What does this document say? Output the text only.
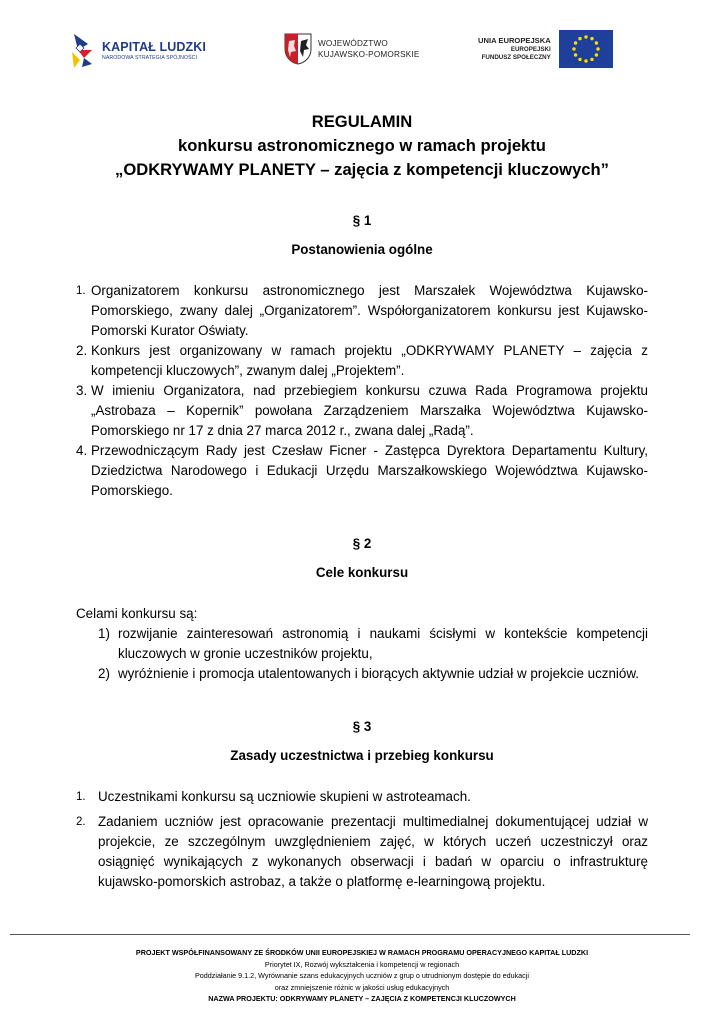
KAPITAŁ LUDZKI
NARODOWA STRATEGIA SPÓJNOŚCI
WOJEWÓDZTWO
KUJAWSKO-POMORSKIE
UNIA EUROPEJSKA
EUROPEJSKI
FUNDUSZ SPOŁECZNY
REGULAMIN
konkursu astronomicznego w ramach projektu
„ODKRYWAMY PLANETY – zajęcia z kompetencji kluczowych”
§ 1
Postanowienia ogólne
1. Organizatorem konkursu astronomicznego jest Marszałek Województwa Kujawsko-Pomorskiego, zwany dalej „Organizatorem”. Współorganizatorem konkursu jest Kujawsko-Pomorski Kurator Oświaty.
2. Konkurs jest organizowany w ramach projektu „ODKRYWAMY PLANETY – zajęcia z kompetencji kluczowych”, zwanym dalej „Projektem”.
3. W imieniu Organizatora, nad przebiegiem konkursu czuwa Rada Programowa projektu „Astrobaza – Kopernik” powołana Zarządzeniem Marszałka Województwa Kujawsko-Pomorskiego nr 17 z dnia 27 marca 2012 r., zwana dalej „Radą”.
4. Przewodniczącym Rady jest Czesław Ficner - Zastępca Dyrektora Departamentu Kultury, Dziedzictwa Narodowego i Edukacji Urzędu Marszałkowskiego Województwa Kujawsko-Pomorskiego.
§ 2
Cele konkursu

Celami konkursu są:

1) rozwijanie zainteresowań astronomią i naukami ścisłymi w kontekście kompetencji kluczowych w gronie uczestników projektu,
2) wyróżnienie i promocja utalentowanych i biorących aktywnie udział w projekcie uczniów.
§ 3
Zasady uczestnictwa i przebieg konkursu
1. Uczestnikami konkursu są uczniowie skupieni w astroteamach.
2. Zadaniem uczniów jest opracowanie prezentacji multimedialnej dokumentującej udział w projekcie, ze szczególnym uwzględnieniem zajęć, w których uczeń uczestniczył oraz osiągnięć wynikających z wykonanych obserwacji i badań w oparciu o infrastrukturę kujawsko-pomorskich astrobaz, a także o platformę e-learningową projektu.
PROJEKT WSPÓŁFINANSOWANY ZE ŚRODKÓW UNII EUROPEJSKIEJ W RAMACH PROGRAMU OPERACYJNEGO KAPITAŁ LUDZKI
Priorytet IX, Rozwój wykształcenia i kompetencji w regionach
Poddziałanie 9.1.2, Wyrównanie szans edukacyjnych uczniów z grup o utrudnionym dostępie do edukacji
oraz zmniejszenie różnic w jakości usług edukacyjnych
NAZWA PROJEKTU: ODKRYWAMY PLANETY – ZAJĘCIA Z KOMPETENCJI KLUCZOWYCH
